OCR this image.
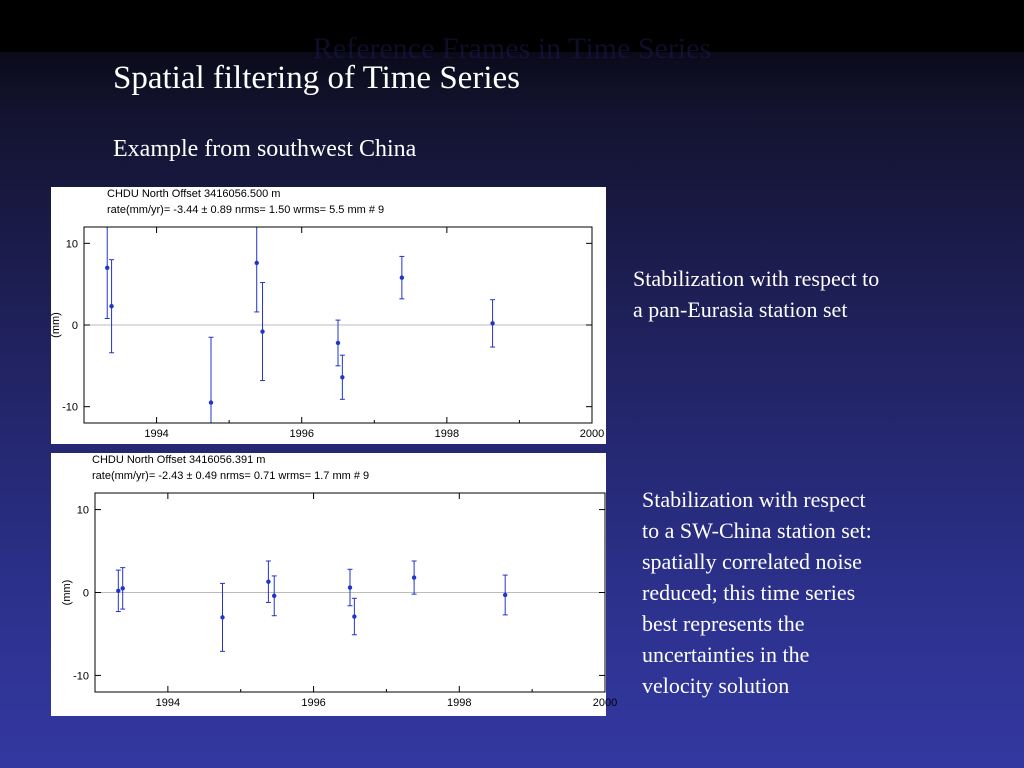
Reference Frames in Time Series
Spatial filtering of Time Series
Example from southwest China
CHDU North Offset 3416056.500 m
rate(mm/yr)= -3.44 ± 0.89 nrms= 1.50 wrms= 5.5 mm # 9
1994	1996	1998	2000
10
0
-10
(mm)
CHDU North Offset 3416056.391 m
rate(mm/yr)= -2.43 ± 0.49 nrms= 0.71 wrms= 1.7 mm # 9
1994	1996	1998	2000
10
0
-10
(mm)
Stabilization with respect to
a pan-Eurasia station set
Stabilization with respect
to a SW-China station set:
spatially correlated noise
reduced; this time series
best represents the
uncertainties in the
velocity solution
